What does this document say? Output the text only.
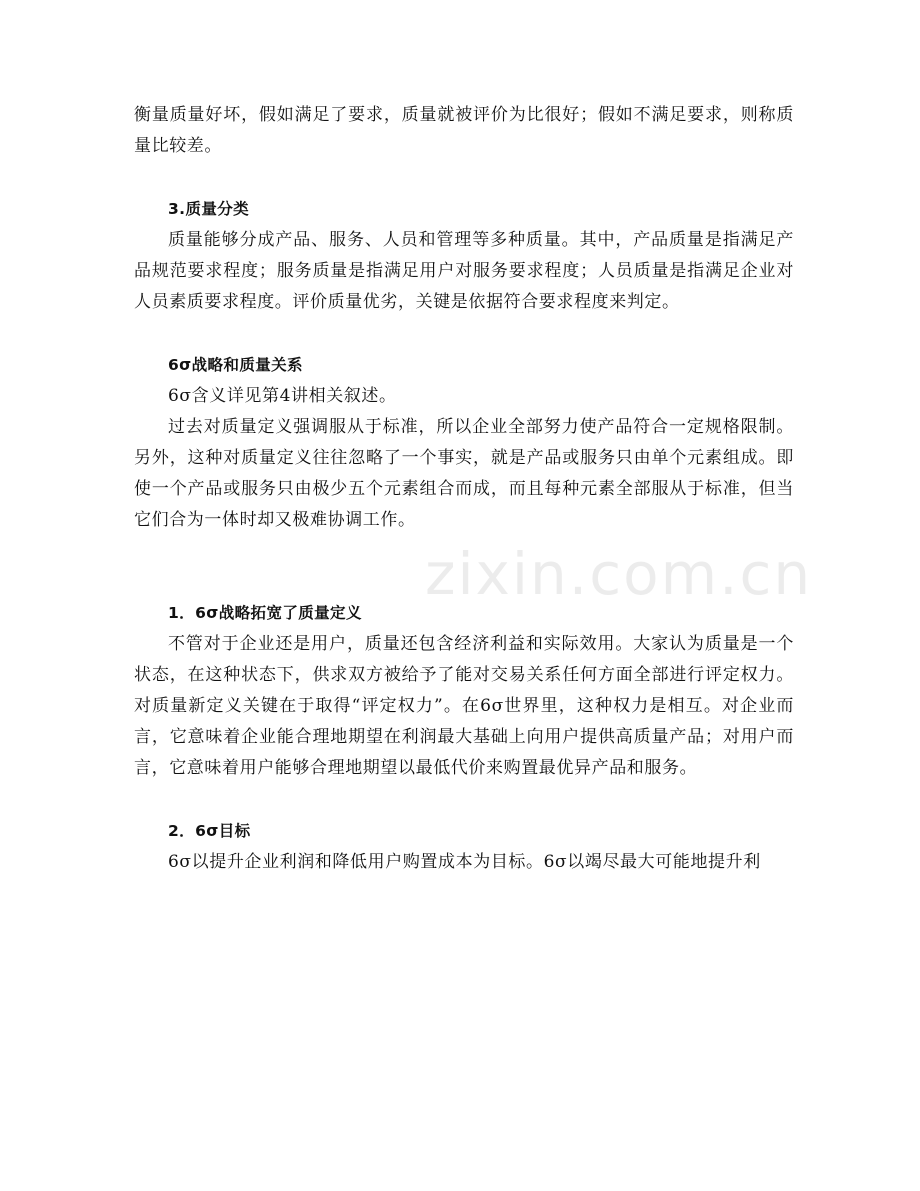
zixin.com.cn

衡量质量好坏，假如满足了要求，质量就被评价为比很好；假如不满足要求，则称质量比较差。

3.质量分类

质量能够分成产品、服务、人员和管理等多种质量。其中，产品质量是指满足产品规范要求程度；服务质量是指满足用户对服务要求程度；人员质量是指满足企业对人员素质要求程度。评价质量优劣，关键是依据符合要求程度来判定。

6σ战略和质量关系

6σ含义详见第4讲相关叙述。

过去对质量定义强调服从于标准，所以企业全部努力使产品符合一定规格限制。另外，这种对质量定义往往忽略了一个事实，就是产品或服务只由单个元素组成。即使一个产品或服务只由极少五个元素组合而成，而且每种元素全部服从于标准，但当它们合为一体时却又极难协调工作。

1．6σ战略拓宽了质量定义

不管对于企业还是用户，质量还包含经济利益和实际效用。大家认为质量是一个状态，在这种状态下，供求双方被给予了能对交易关系任何方面全部进行评定权力。对质量新定义关键在于取得“评定权力”。在6σ世界里，这种权力是相互。对企业而言，它意味着企业能合理地期望在利润最大基础上向用户提供高质量产品；对用户而言，它意味着用户能够合理地期望以最低代价来购置最优异产品和服务。

2．6σ目标

6σ以提升企业利润和降低用户购置成本为目标。6σ以竭尽最大可能地提升利
